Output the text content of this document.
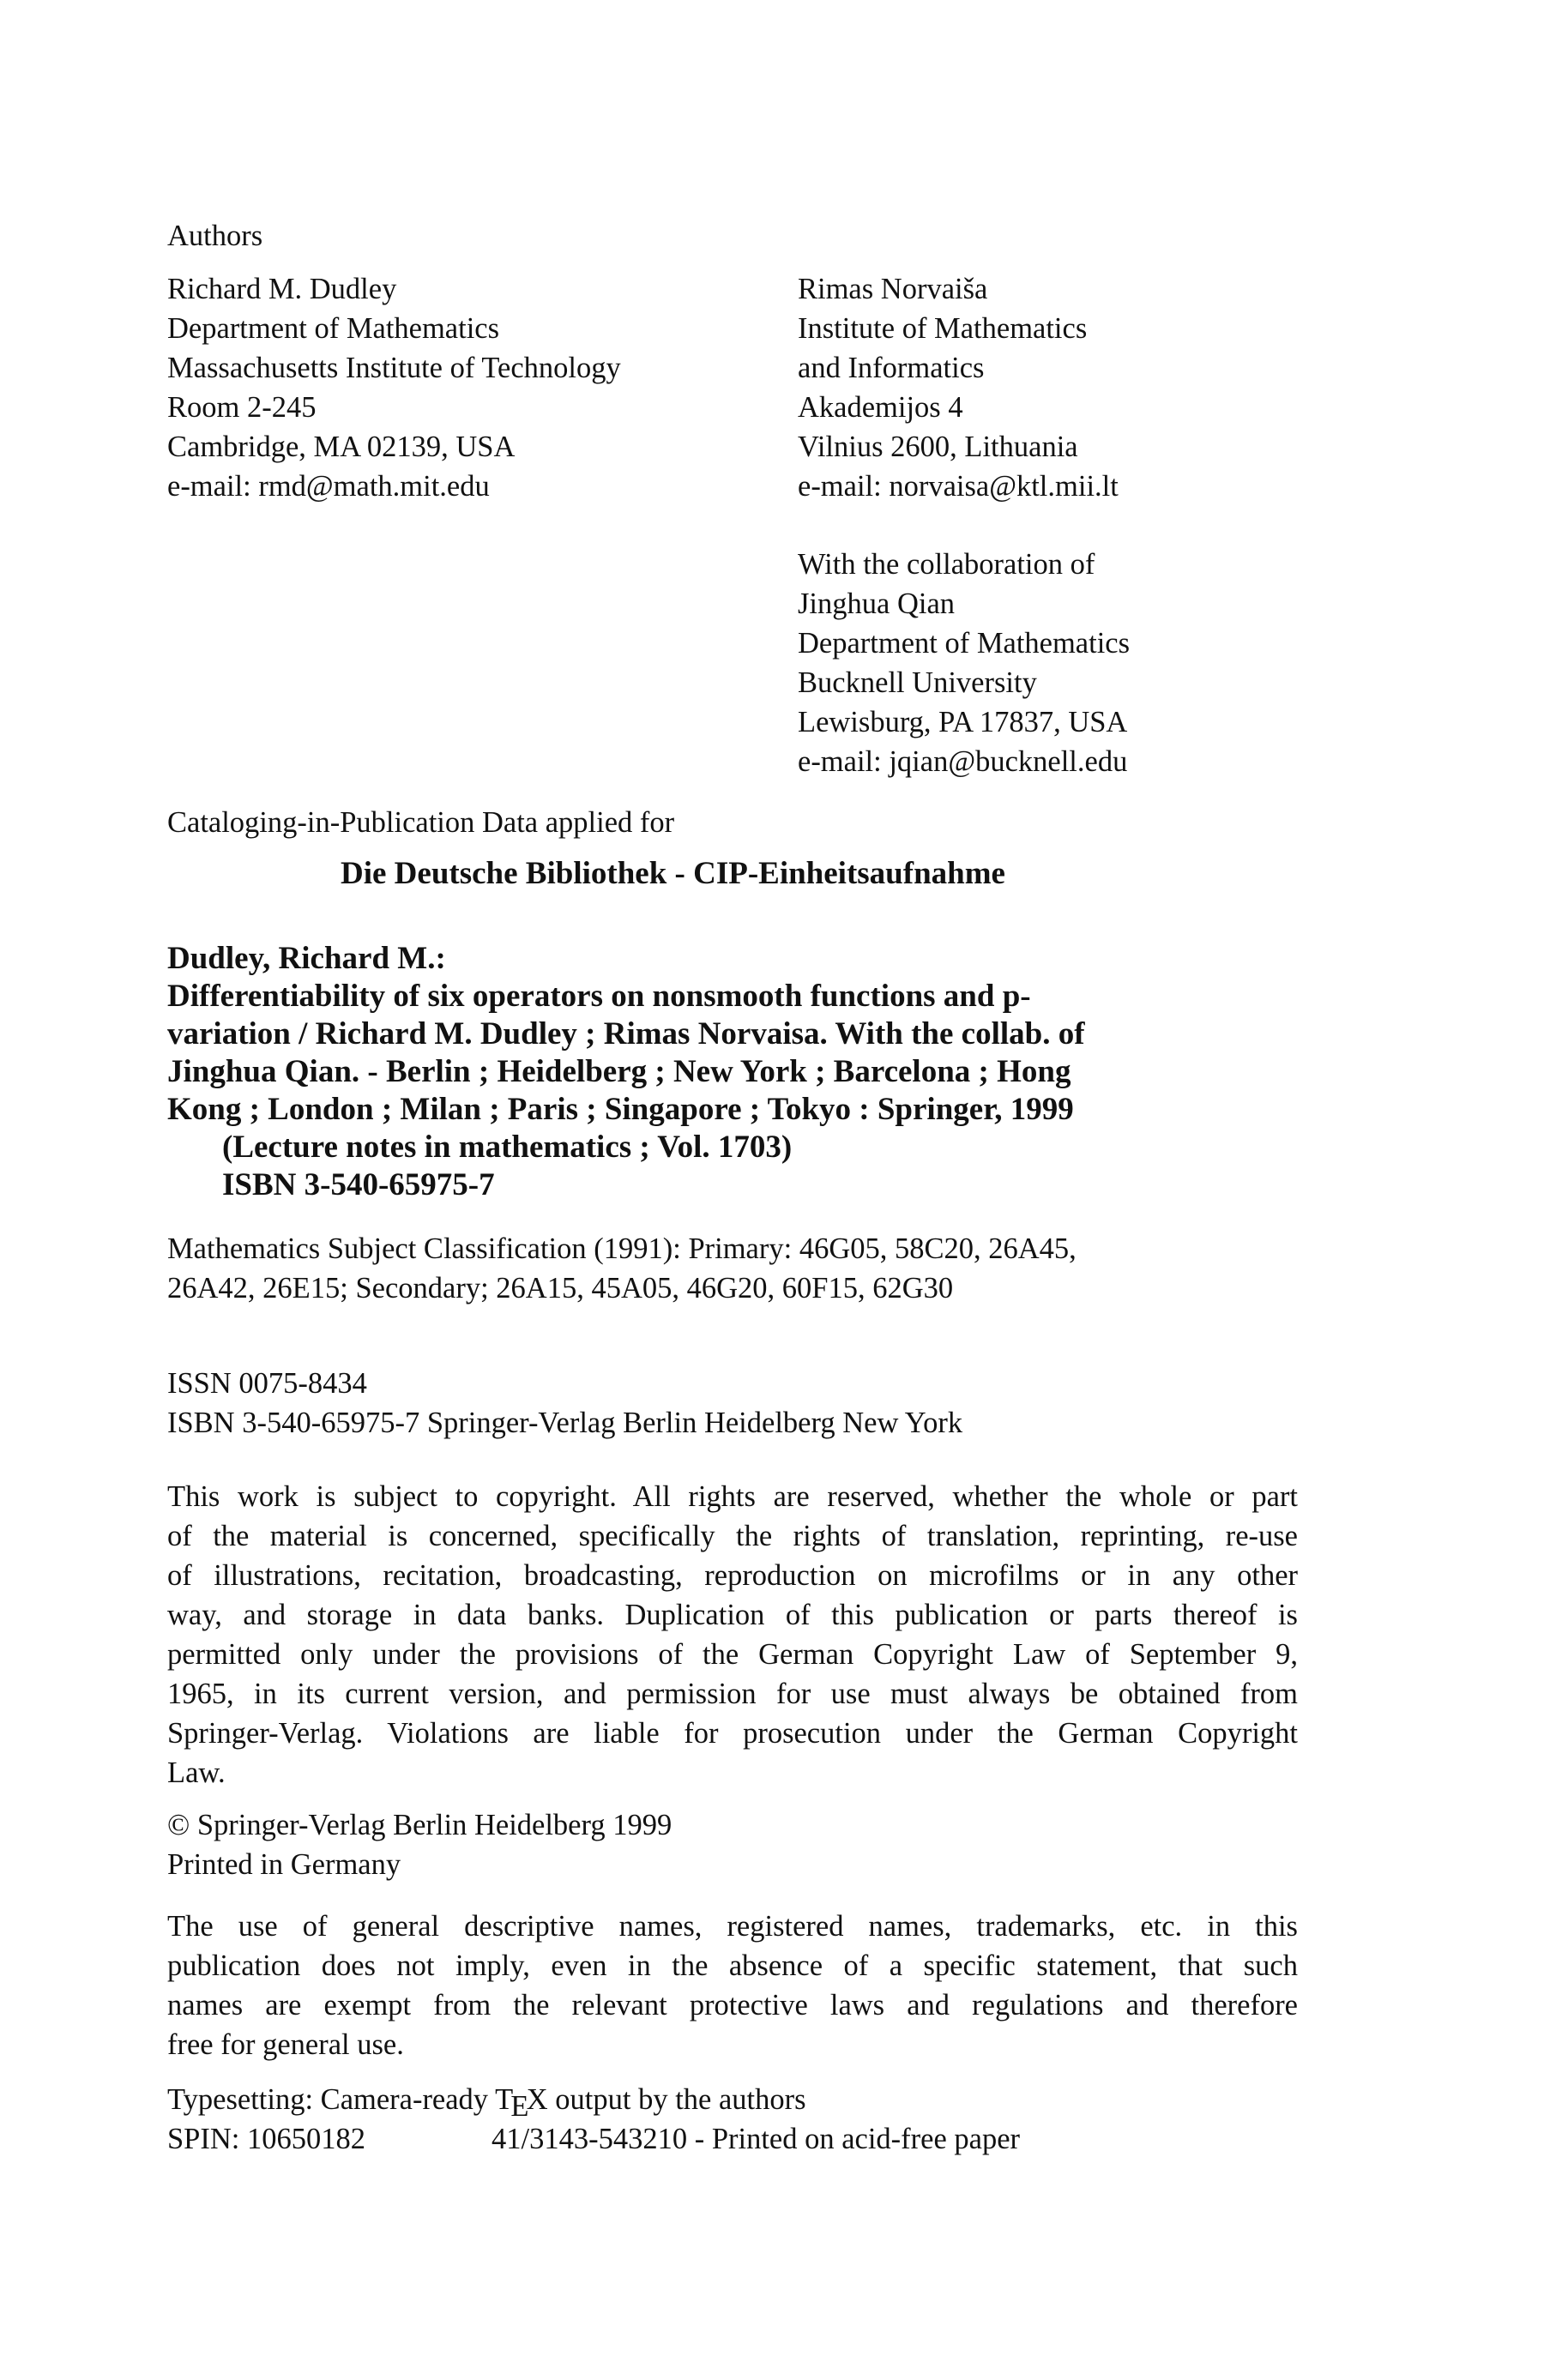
Authors
Richard M. Dudley
Department of Mathematics
Massachusetts Institute of Technology
Room 2-245
Cambridge, MA 02139, USA
e-mail: rmd@math.mit.edu
Rimas Norvaiša
Institute of Mathematics
and Informatics
Akademijos 4
Vilnius 2600, Lithuania
e-mail: norvaisa@ktl.mii.lt
With the collaboration of
Jinghua Qian
Department of Mathematics
Bucknell University
Lewisburg, PA 17837, USA
e-mail: jqian@bucknell.edu
Cataloging-in-Publication Data applied for
Die Deutsche Bibliothek - CIP-Einheitsaufnahme
Dudley, Richard M.:
Differentiability of six operators on nonsmooth functions and p-
variation / Richard M. Dudley ; Rimas Norvaisa. With the collab. of
Jinghua Qian. - Berlin ; Heidelberg ; New York ; Barcelona ; Hong
Kong ; London ; Milan ; Paris ; Singapore ; Tokyo : Springer, 1999
(Lecture notes in mathematics ; Vol. 1703)
ISBN 3-540-65975-7
Mathematics Subject Classification (1991): Primary: 46G05, 58C20, 26A45,
26A42, 26E15; Secondary; 26A15, 45A05, 46G20, 60F15, 62G30
ISSN 0075-8434
ISBN 3-540-65975-7 Springer-Verlag Berlin Heidelberg New York
This work is subject to copyright. All rights are reserved, whether the whole or part
of the material is concerned, specifically the rights of translation, reprinting, re-use
of illustrations, recitation, broadcasting, reproduction on microfilms or in any other
way, and storage in data banks. Duplication of this publication or parts thereof is
permitted only under the provisions of the German Copyright Law of September 9,
1965, in its current version, and permission for use must always be obtained from
Springer-Verlag. Violations are liable for prosecution under the German Copyright
Law.
© Springer-Verlag Berlin Heidelberg 1999
Printed in Germany
The use of general descriptive names, registered names, trademarks, etc. in this
publication does not imply, even in the absence of a specific statement, that such
names are exempt from the relevant protective laws and regulations and therefore
free for general use.
Typesetting: Camera-ready TEX output by the authors
SPIN: 10650182	41/3143-543210 - Printed on acid-free paper
